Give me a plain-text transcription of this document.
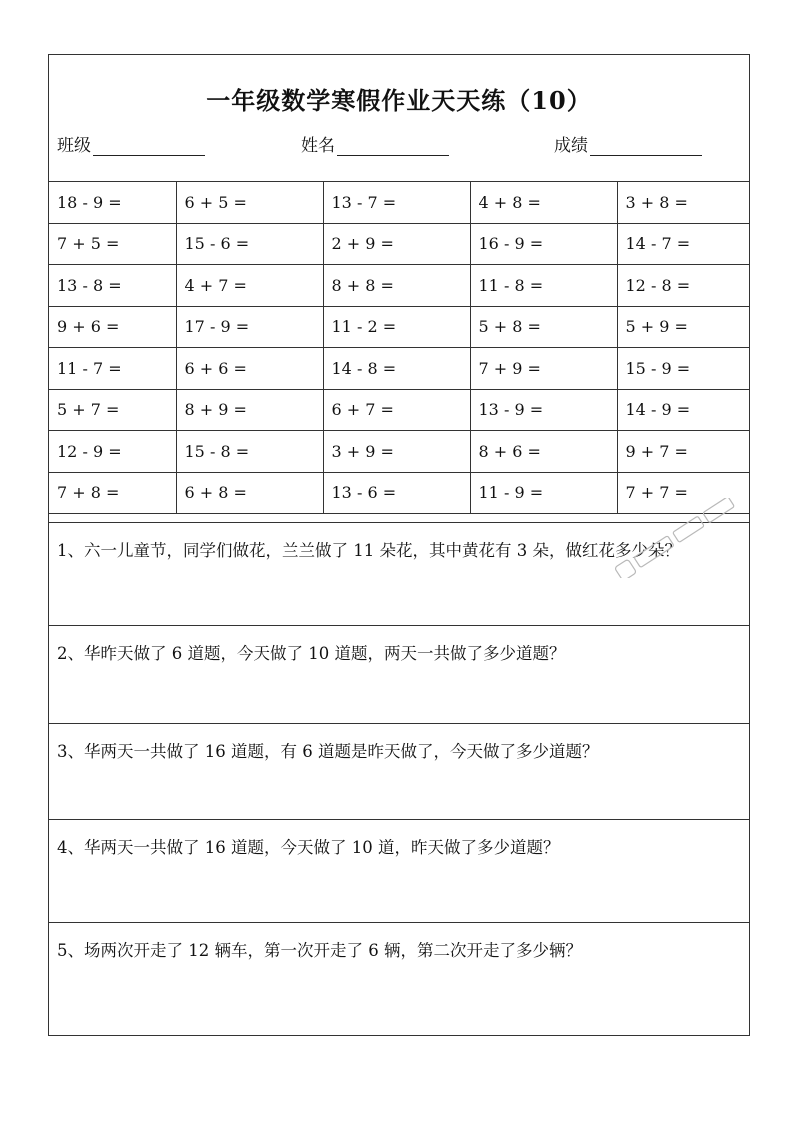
一年级数学寒假作业天天练（10）
班级	姓名	成绩
18 - 9 =	6 + 5 =	13 - 7 =	4 + 8 =	3 + 8 =
7 + 5 =	15 - 6 =	2 + 9 =	16 - 9 =	14 - 7 =
13 - 8 =	4 + 7 =	8 + 8 =	11 - 8 =	12 - 8 =
9 + 6 =	17 - 9 =	11 - 2 =	5 + 8 =	5 + 9 =
11 - 7 =	6 + 6 =	14 - 8 =	7 + 9 =	15 - 9 =
5 + 7 =	8 + 9 =	6 + 7 =	13 - 9 =	14 - 9 =
12 - 9 =	15 - 8 =	3 + 9 =	8 + 6 =	9 + 7 =
7 + 8 =	6 + 8 =	13 - 6 =	11 - 9 =	7 + 7 =
1、六一儿童节，同学们做花，兰兰做了 11 朵花，其中黄花有 3 朵，做红花多少朵？
2、华昨天做了 6 道题，今天做了 10 道题，两天一共做了多少道题？
3、华两天一共做了 16 道题，有 6 道题是昨天做了，今天做了多少道题？
4、华两天一共做了 16 道题，今天做了 10 道，昨天做了多少道题？
5、场两次开走了 12 辆车，第一次开走了 6 辆，第二次开走了多少辆？
